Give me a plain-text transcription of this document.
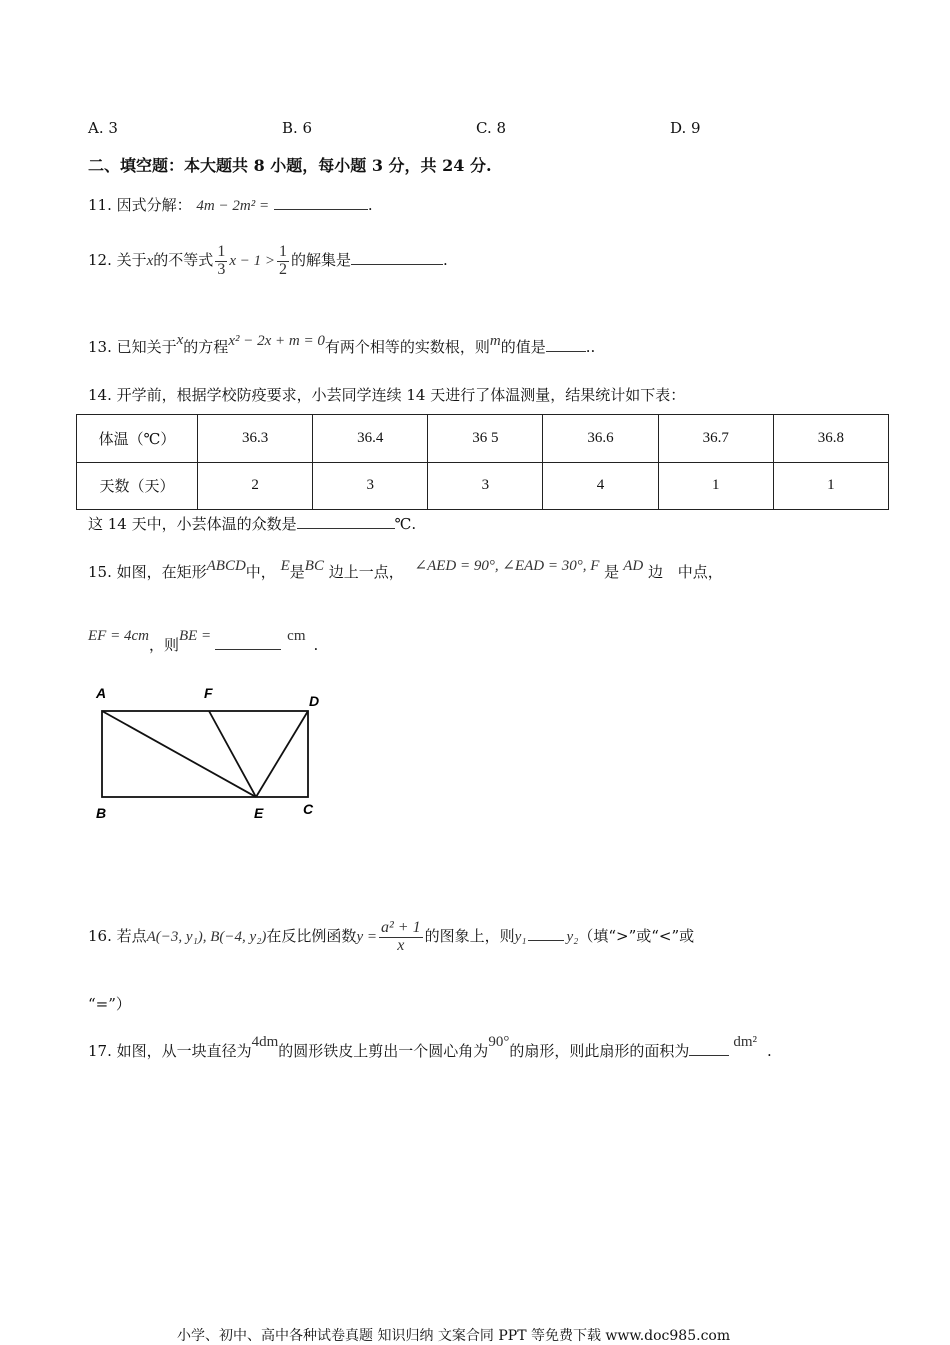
A. 3	B. 6	C. 8	D. 9
二、填空题：本大题共 8 小题，每小题 3 分，共 24 分.
11. 因式分解： 4m − 2m² =	.
12. 关于x的不等式 $\frac{1}{3}$ $x - 1 > \frac{1}{2}$ 的解集是	.
13. 已知关于x的方程x² − 2x + m = 0有两个相等的实数根，则m的值是	..
14. 开学前，根据学校防疫要求，小芸同学连续 14 天进行了体温测量，结果统计如下表：
体温（℃）	36.3	36.4	36 5	36.6	36.7	36.8
天数（天）	2	3	3	4	1	1
这 14 天中，小芸体温的众数是	℃.
15. 如图，在矩形ABCD中， E是BC 边上一点， ∠AED = 90°, ∠EAD = 30°, F 是 AD 边 中点，
EF = 4cm，则BE =	cm .
A	F	D
B	E	C
16. 若点A(−3, y₁), B(−4, y₂)在反比例函数$y = \frac{\text{a² + 1}}{x}$ 的图象上，则y₁	y₂（填“>”或“<”或
“=”）
17. 如图，从一块直径为4dm的圆形铁皮上剪出一个圆心角为90°的扇形，则此扇形的面积为	dm² .
小学、初中、高中各种试卷真题 知识归纳 文案合同 PPT 等免费下载 www.doc985.com
